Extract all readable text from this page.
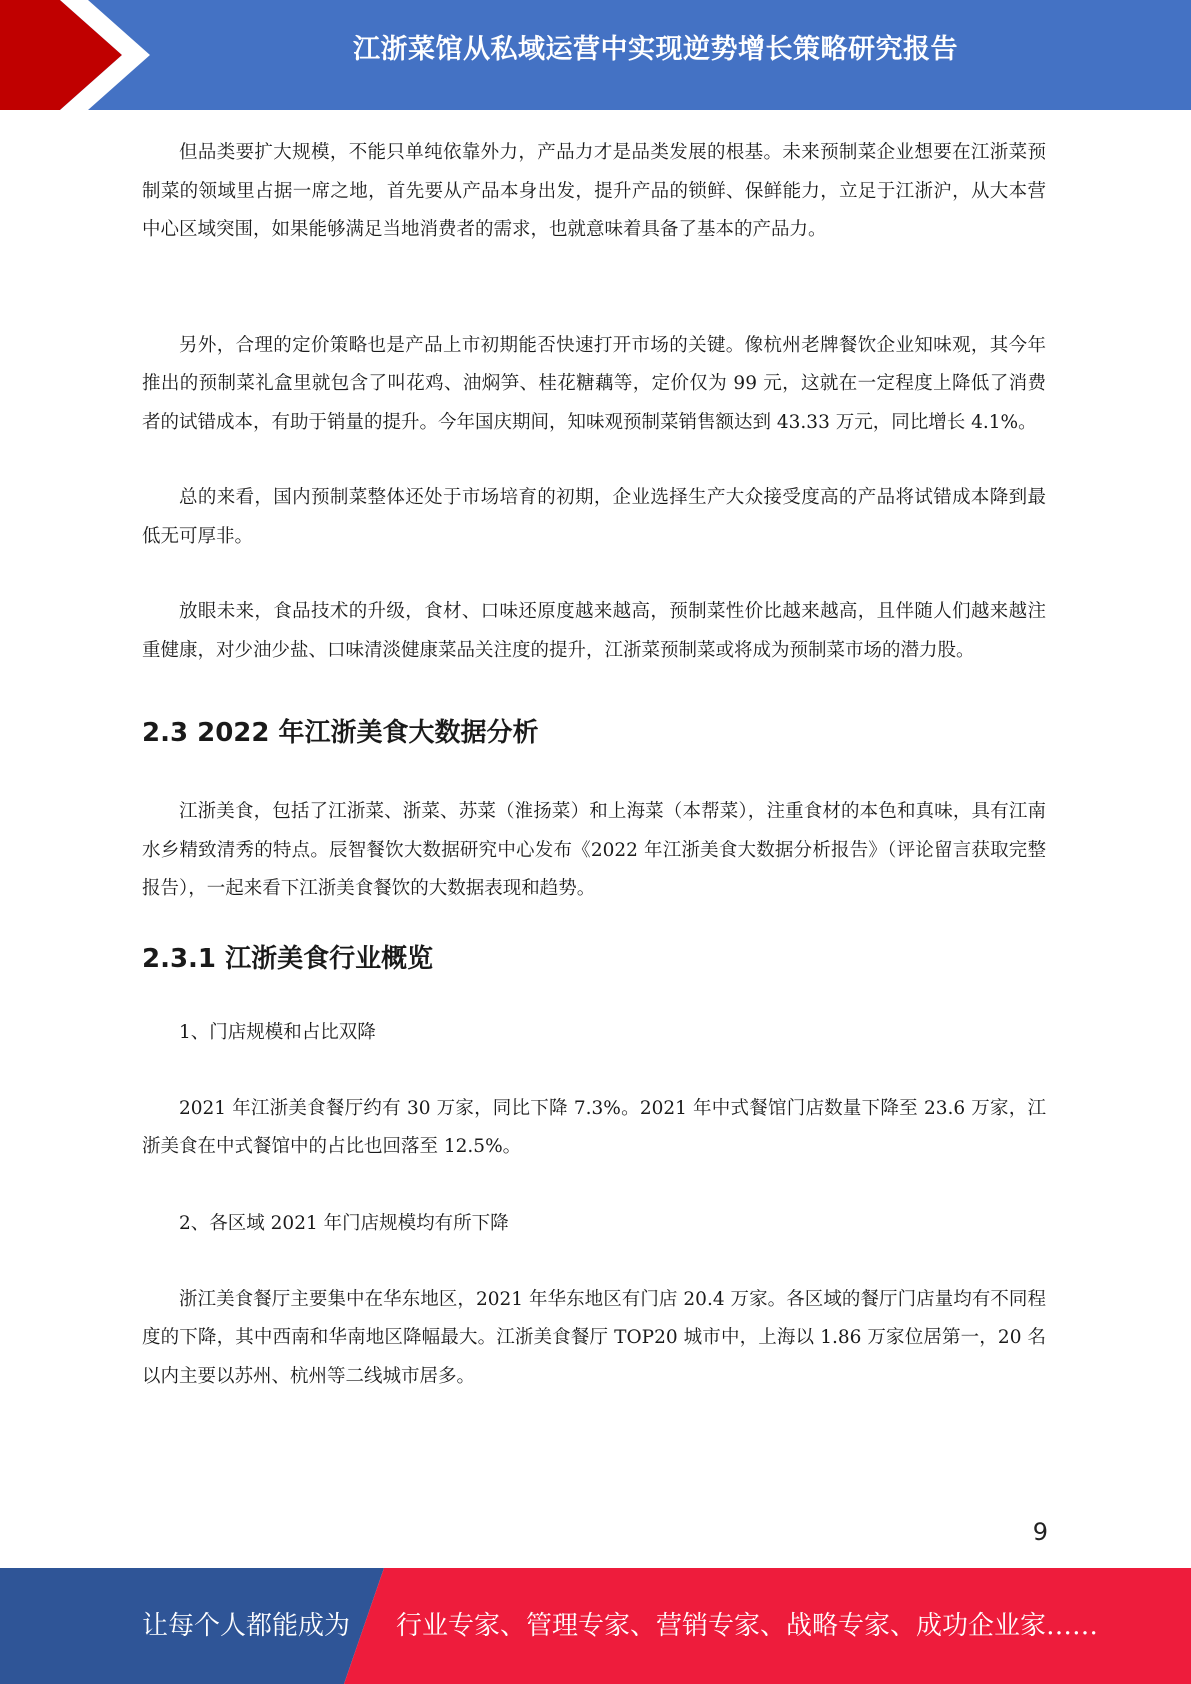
江浙菜馆从私域运营中实现逆势增长策略研究报告

但品类要扩大规模，不能只单纯依靠外力，产品力才是品类发展的根基。未来预制菜企业想要在江浙菜预制菜的领域里占据一席之地，首先要从产品本身出发，提升产品的锁鲜、保鲜能力，立足于江浙沪，从大本营中心区域突围，如果能够满足当地消费者的需求，也就意味着具备了基本的产品力。

另外，合理的定价策略也是产品上市初期能否快速打开市场的关键。像杭州老牌餐饮企业知味观，其今年推出的预制菜礼盒里就包含了叫花鸡、油焖笋、桂花糖藕等，定价仅为 99 元，这就在一定程度上降低了消费者的试错成本，有助于销量的提升。今年国庆期间，知味观预制菜销售额达到 43.33 万元，同比增长 4.1%。

总的来看，国内预制菜整体还处于市场培育的初期，企业选择生产大众接受度高的产品将试错成本降到最低无可厚非。

放眼未来，食品技术的升级，食材、口味还原度越来越高，预制菜性价比越来越高，且伴随人们越来越注重健康，对少油少盐、口味清淡健康菜品关注度的提升，江浙菜预制菜或将成为预制菜市场的潜力股。

2.3 2022 年江浙美食大数据分析

江浙美食，包括了江浙菜、浙菜、苏菜（淮扬菜）和上海菜（本帮菜），注重食材的本色和真味，具有江南水乡精致清秀的特点。辰智餐饮大数据研究中心发布《2022 年江浙美食大数据分析报告》（评论留言获取完整报告），一起来看下江浙美食餐饮的大数据表现和趋势。

2.3.1 江浙美食行业概览

1、门店规模和占比双降

2021 年江浙美食餐厅约有 30 万家，同比下降 7.3%。2021 年中式餐馆门店数量下降至 23.6 万家，江浙美食在中式餐馆中的占比也回落至 12.5%。

2、各区域 2021 年门店规模均有所下降

浙江美食餐厅主要集中在华东地区，2021 年华东地区有门店 20.4 万家。各区域的餐厅门店量均有不同程度的下降，其中西南和华南地区降幅最大。江浙美食餐厅 TOP20 城市中，上海以 1.86 万家位居第一，20 名以内主要以苏州、杭州等二线城市居多。

9
让每个人都能成为 行业专家、管理专家、营销专家、战略专家、成功企业家……
